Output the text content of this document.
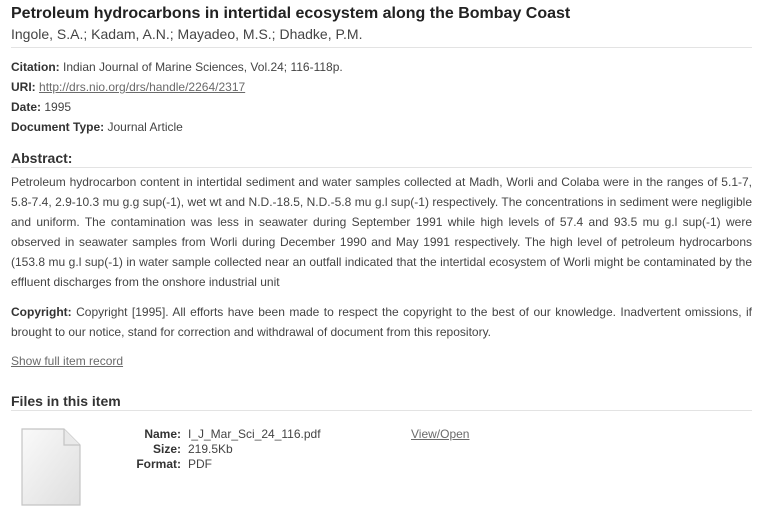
Petroleum hydrocarbons in intertidal ecosystem along the Bombay Coast
Ingole, S.A.; Kadam, A.N.; Mayadeo, M.S.; Dhadke, P.M.
Citation: Indian Journal of Marine Sciences, Vol.24; 116-118p.
URI: http://drs.nio.org/drs/handle/2264/2317
Date: 1995
Document Type: Journal Article
Abstract:

Petroleum hydrocarbon content in intertidal sediment and water samples collected at Madh, Worli and Colaba were in the ranges of 5.1-7, 5.8-7.4, 2.9-10.3 mu g.g sup(-1), wet wt and N.D.-18.5, N.D.-5.8 mu g.l sup(-1) respectively. The concentrations in sediment were negligible and uniform. The contamination was less in seawater during September 1991 while high levels of 57.4 and 93.5 mu g.l sup(-1) were observed in seawater samples from Worli during December 1990 and May 1991 respectively. The high level of petroleum hydrocarbons (153.8 mu g.l sup(-1) in water sample collected near an outfall indicated that the intertidal ecosystem of Worli might be contaminated by the effluent discharges from the onshore industrial unit

Copyright: Copyright [1995]. All efforts have been made to respect the copyright to the best of our knowledge. Inadvertent omissions, if brought to our notice, stand for correction and withdrawal of document from this repository.

Show full item record
Files in this item
Name:
Size:
Format:
I_J_Mar_Sci_24_116.pdf
219.5Kb
PDF
View/Open
